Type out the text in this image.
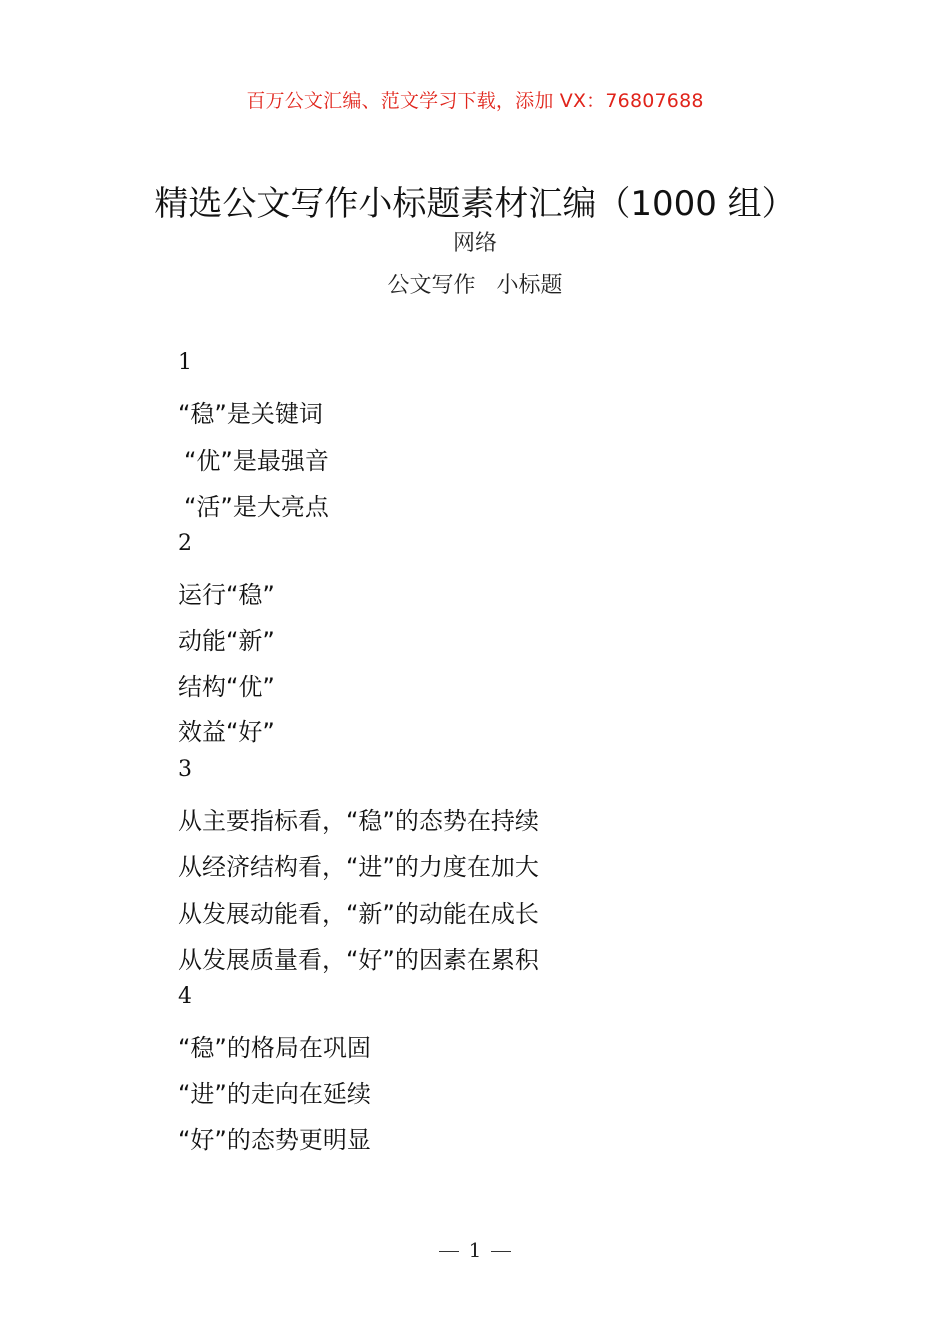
百万公文汇编、范文学习下载，添加 VX：76807688
精选公文写作小标题素材汇编（1000 组）
网络
公文写作 小标题
1
“稳”是关键词
“优”是最强音
“活”是大亮点
2
运行“稳”
动能“新”
结构“优”
效益“好”
3
从主要指标看，“稳”的态势在持续
从经济结构看，“进”的力度在加大
从发展动能看，“新”的动能在成长
从发展质量看，“好”的因素在累积
4
“稳”的格局在巩固
“进”的走向在延续
“好”的态势更明显
1
